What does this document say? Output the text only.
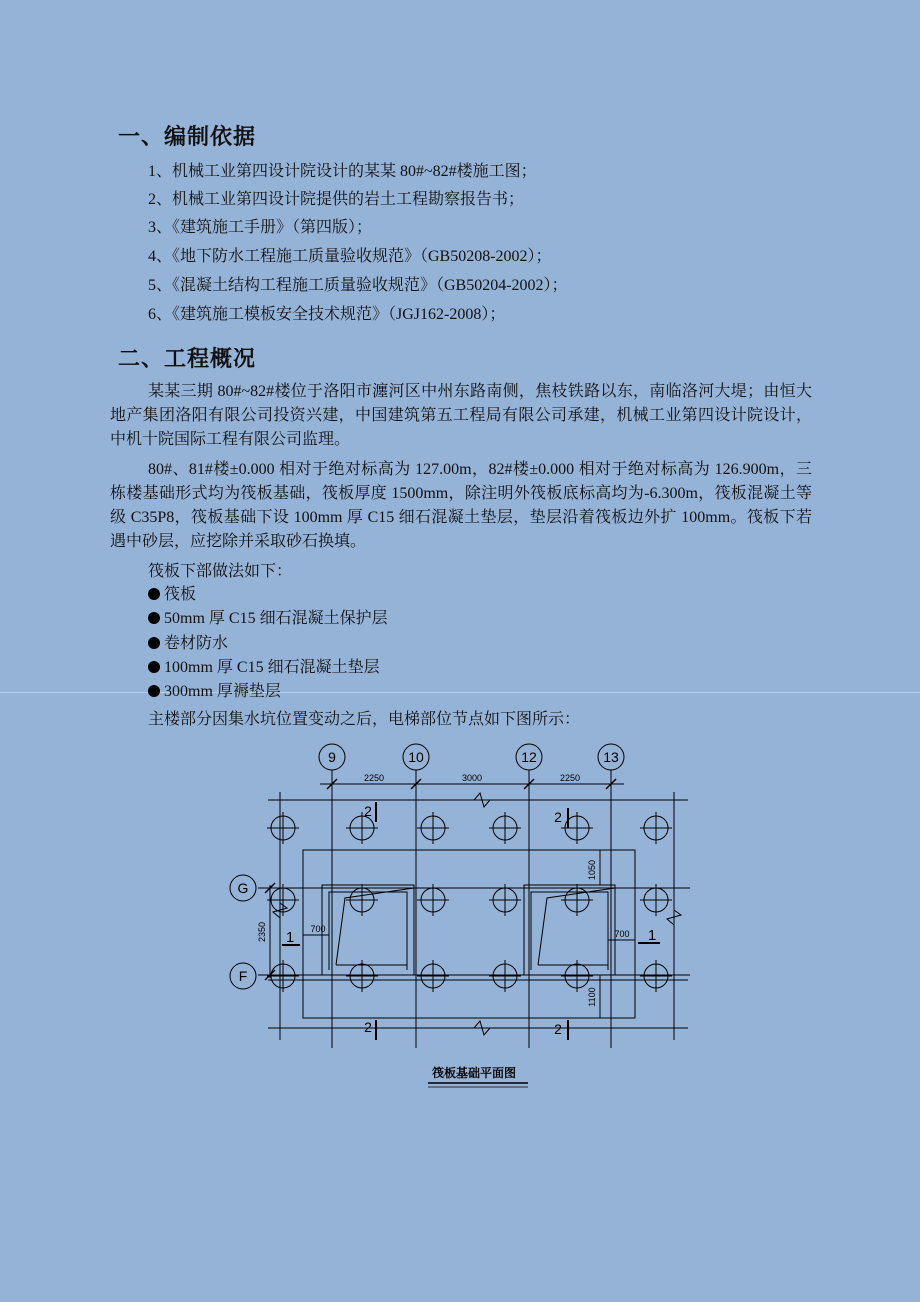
一、编制依据
1、机械工业第四设计院设计的某某 80#~82#楼施工图；
2、机械工业第四设计院提供的岩土工程勘察报告书；
3、《建筑施工手册》（第四版）；
4、《地下防水工程施工质量验收规范》（GB50208-2002）；
5、《混凝土结构工程施工质量验收规范》（GB50204-2002）；
6、《建筑施工模板安全技术规范》（JGJ162-2008）；
二、工程概况
某某三期 80#~82#楼位于洛阳市瀍河区中州东路南侧，焦枝铁路以东，南临洛河大堤；由恒大地产集团洛阳有限公司投资兴建，中国建筑第五工程局有限公司承建，机械工业第四设计院设计，中机十院国际工程有限公司监理。
80#、81#楼±0.000 相对于绝对标高为 127.00m，82#楼±0.000 相对于绝对标高为 126.900m，三栋楼基础形式均为筏板基础，筏板厚度 1500mm，除注明外筏板底标高均为-6.300m，筏板混凝土等级 C35P8，筏板基础下设 100mm 厚 C15 细石混凝土垫层，垫层沿着筏板边外扩 100mm。筏板下若遇中砂层，应挖除并采取砂石换填。
筏板下部做法如下：
筏板
50mm 厚 C15 细石混凝土保护层
卷材防水
100mm 厚 C15 细石混凝土垫层
300mm 厚褥垫层
主楼部分因集水坑位置变动之后，电梯部位节点如下图所示：
9	10	12	13
G
F
2250	3000	2250
2350
1050
1100
700	700
2	2
2	2
1	1
筏板基础平面图
